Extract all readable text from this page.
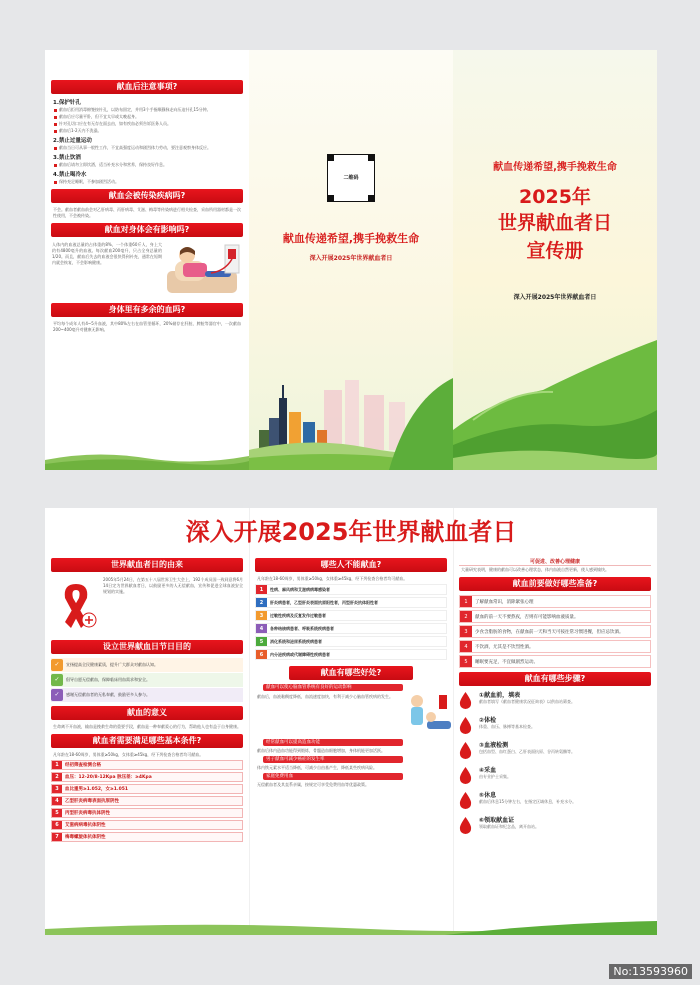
献血后注意事项?
1.保护针孔
献血后拒用消毒棉签按针孔，以防布固定，并用3个手指顺静脉走向压迫针孔15分钟。
献血后应尽量平卧，但不宜太早或太晚起身。
针对孔切口应在有无存在面去由，如有疾血必须告诉医务人员。
献血后1-2天内不洗澡。
2.禁止过量运动
献血当日可从事一般性工作，不宜高强度运动和剧烈体力劳动，要注意观察身体反应。
3.禁止饮酒
献血后请勿立即饮酒，适当补充水分和营养，保持良好作息。
4.禁止喝冷水
保持充足睡眠，不参加剧烈活动。
献血会被传染疾病吗?
不会。献血者献血前会对乙肝病毒、丙肝病毒、艾滋、梅毒等传染病进行相关检查，采血所用器材都是一次性使用，不会被传染。
献血对身体会有影响吗?
人体内的血液总量约占体重的8%，一个体重60斤人，身上大约有4800毫升的血液。每次献血200毫升，只占全身总量的1/20。而且，献血后失去的血液会很快得到补充，通常在短期内就会恢复，不会影响健康。
身体里有多余的血吗?
平均每个成年人有4~5升血液，其中80%左右在血管里循环，20%储存在肝脏、脾脏等器官中，一次献血200~400毫升对健康无影响。
二维码
献血传递希望,携手挽救生命
深入开展2025年世界献血者日
献血传递希望,携手挽救生命
2025年
世界献血者日
宣传册
深入开展2025年世界献血者日
深入开展2025年世界献血者日
世界献血者日的由来
2005年5月24日，在第五十八届世界卫生大会上，192个成员国一致同意将6月14日定为世界献血者日，以鼓励更多的人无偿献血，宣传和促进全球血液安全规划的实施。
设立世界献血日节日目的
✓	宣扬提高全民健康素质，提升广大群众对献血认知。
✓	倡导自愿无偿献血，保障临床用血需求和安全。
✓	感谢无偿献血者的无私奉献，鼓励更多人参与。
献血的意义
生命离不开血液，输血是挽救生命的重要手段，献血是一种奉献爱心的行为，帮助他人也有益于自身健康。
献血者需要满足哪些基本条件?
凡年龄在18-60周岁，男体重≥50kg，女体重≥45kg，经下列检查合格者均可献血。
1	经初筛查检测合格
2	血压：12-20/8-12Kpa 脉压差：≥4Kpa
3	血比重男≥1.052，女≥1.051
4	乙型肝炎病毒表面抗原阴性
5	丙型肝炎病毒抗体阴性
6	艾滋病病毒抗体阴性
7	梅毒螺旋体抗体阴性
哪些人不能献血?
凡年龄在18-60周岁，男体重≥50kg，女体重≥45kg，经下列检查合格者均可献血。
1	性病、麻风病和艾滋病病毒感染者
2	肝炎病患者，乙型肝炎表面抗原阳性者，丙型肝炎抗体阳性者
3	过敏性疾病及反复发作过敏患者
4	各种结核病患者、呼吸系统疾病患者
5	消化系统和泌尿系统疾病患者
6	内分泌疾病或代谢障碍性疾病患者
献血有哪些好处?
献血可以使心脑血管系统有良好的运动影响
献血后，血液黏稠度降低，血流速度加快，有利于减少心脑血管疾病的发生。
经常献血可以提高造血功能
献血后体内造血功能得到锻炼，骨髓造血细胞增加，身体机能更加活跃。
男子献血可减少癌症的发生率
体内铁元素水平适当降低，可减少自由基产生，降低某些疾病风险。
家庭免费用血
无偿献血者及其直系亲属，按规定可享受免费用血等优惠政策。
可促进、改善心理健康
大量研究表明，健康的献血可以改善心理状态，体内血液自然更新，使人感到愉快。
献血前要做好哪些准备?
1	了解献血常识，消除紧张心理
2	献血的前一天不要熬夜，否则有可能影响血液质量。
3	少食含脂肪的食物，在献血前一天和当天可按往常习惯进餐，但应忌饮酒。
4	不饮酒，尤其是不饮烈性酒。
5	睡眠要充足，不宜做剧烈运动。
献血有哪些步骤?
①献血前，填表
献血者填写《献血者健康状况征询表》以供血站筛查。
②体检
体重、血压、脉搏等基本检查。
③血液检测
包括血型、血红蛋白、乙肝表面抗原、谷丙转氨酶等。
④采血
由专业护士采集。
⑤休息
献血后休息15分钟左右，在指定区域休息，补充水分。
⑥领取献血证
领取献血证和纪念品，离开血站。
No:13593960
